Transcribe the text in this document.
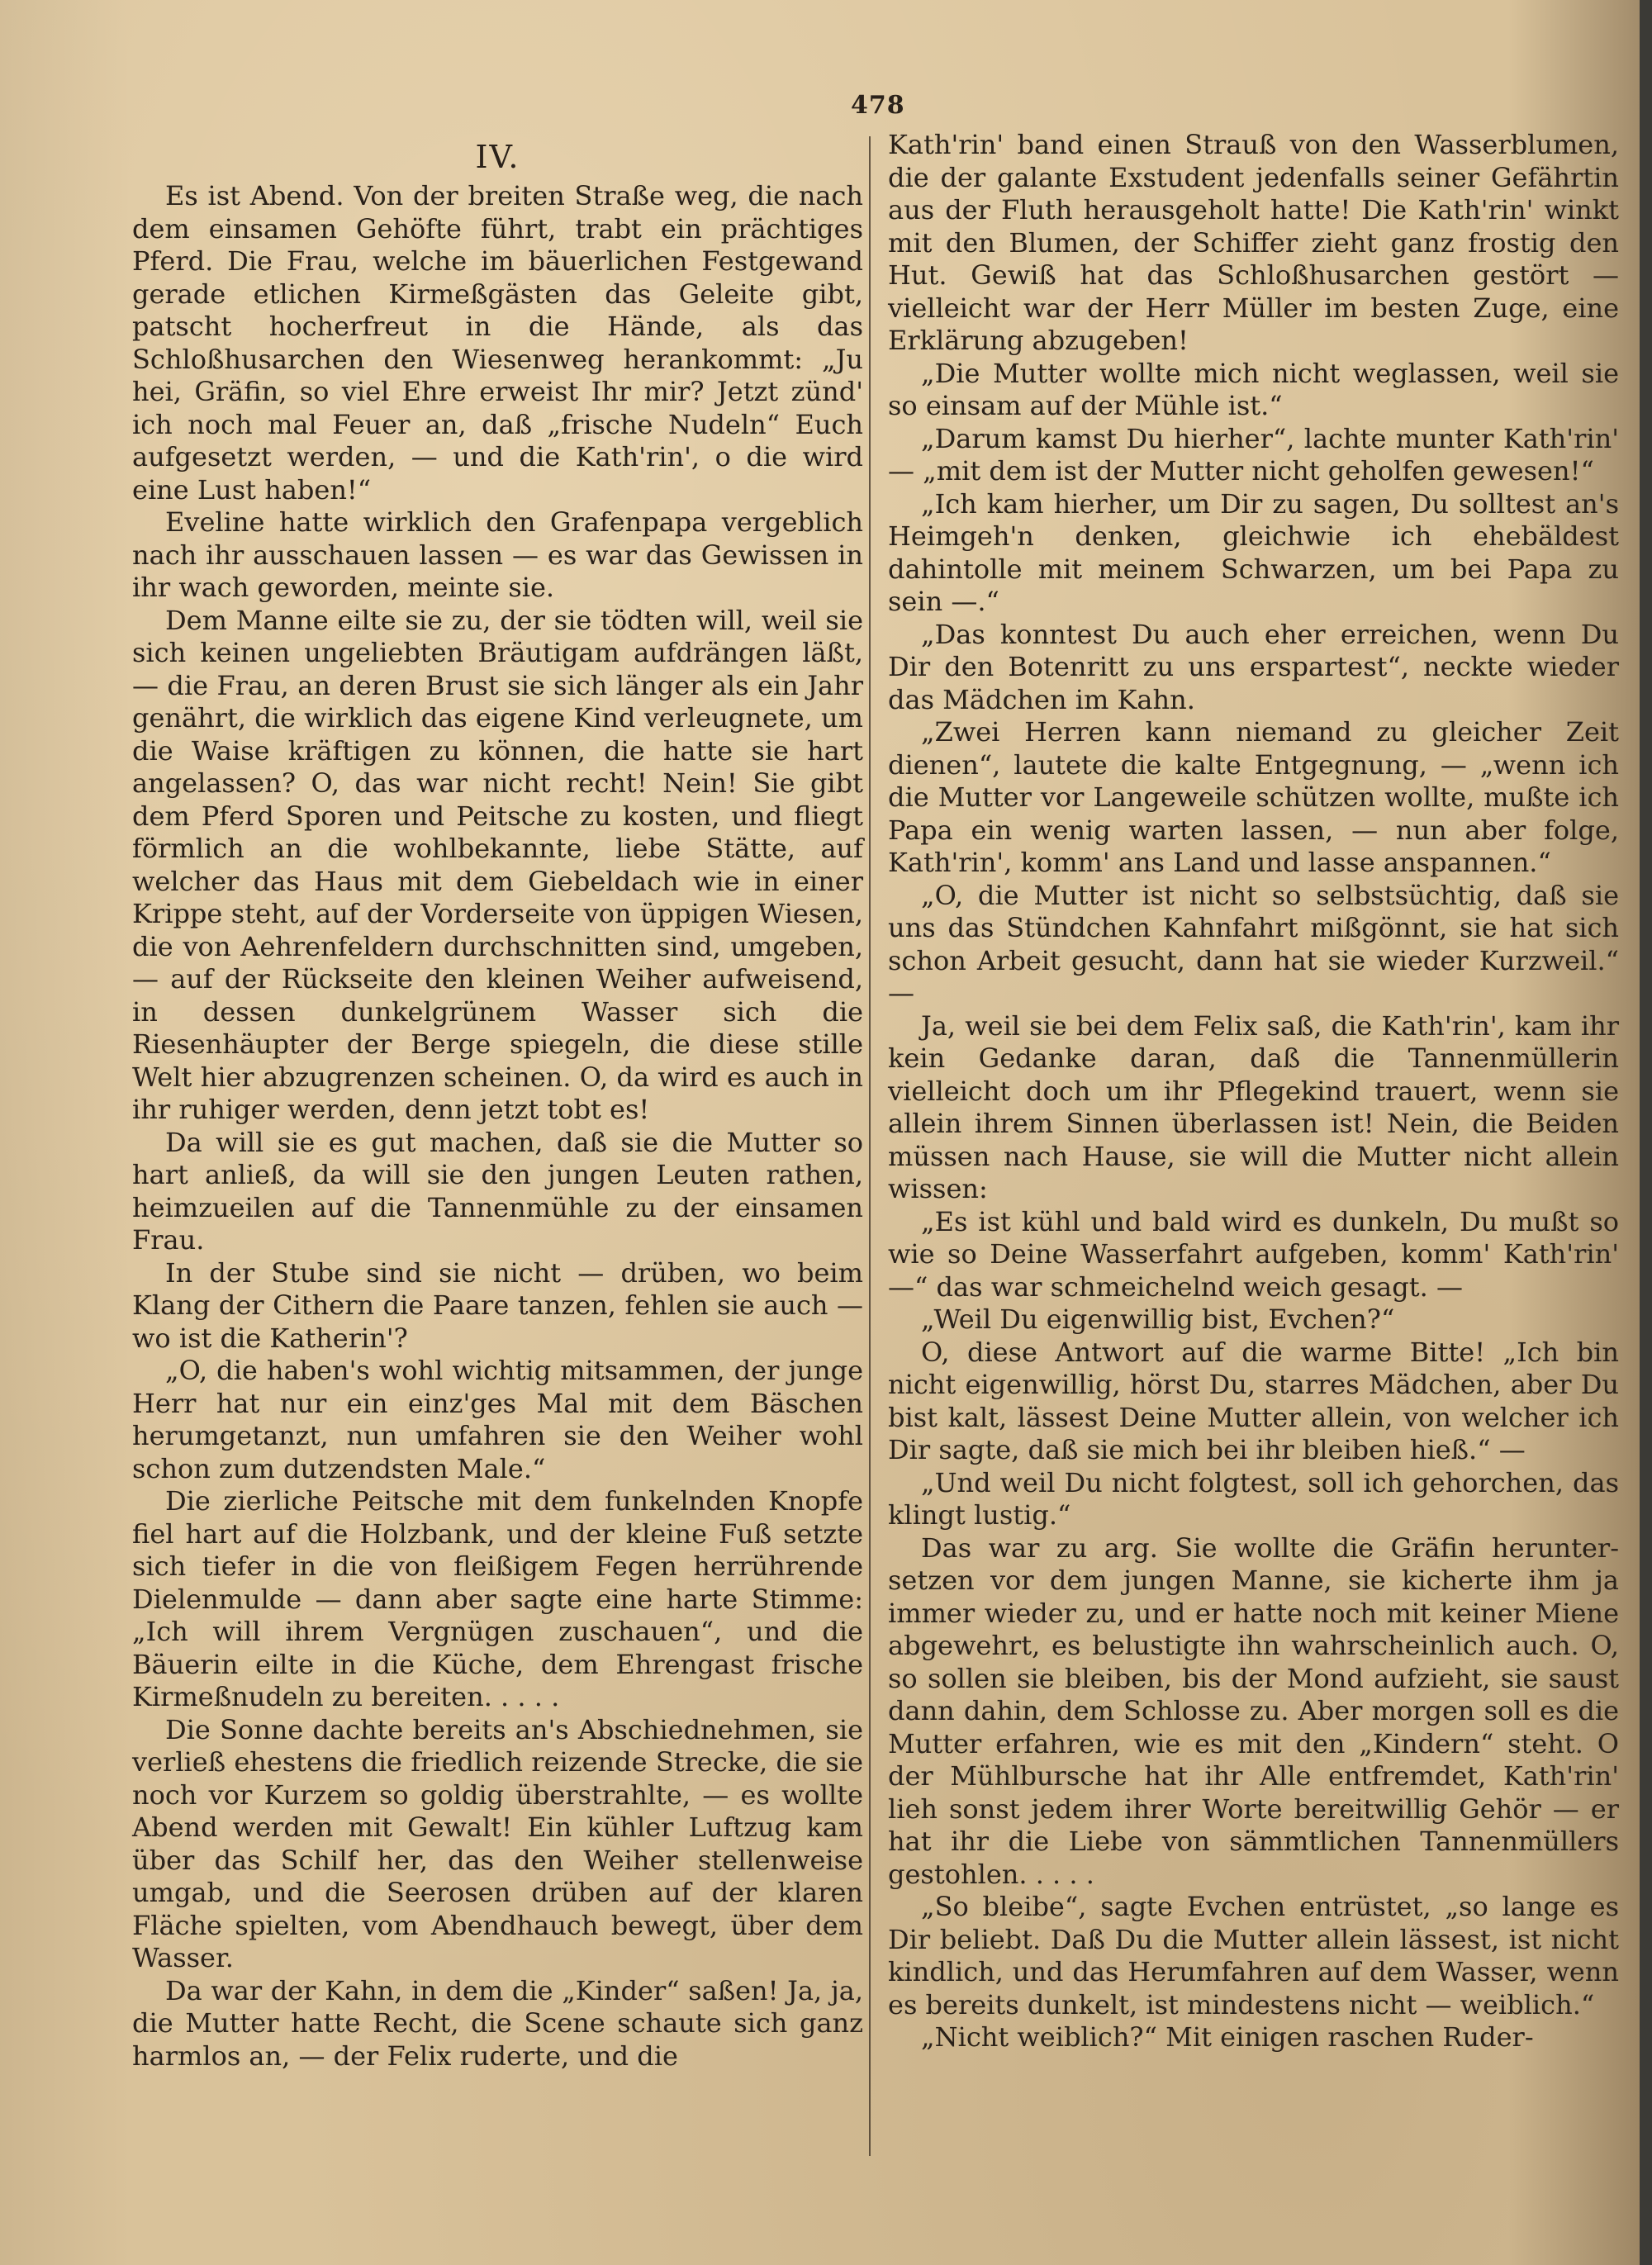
478
IV.

Es ist Abend. Von der breiten Straße weg, die nach dem einsamen Gehöfte führt, trabt ein prächtiges Pferd. Die Frau, welche im bäuerlichen Festgewand gerade etlichen Kirmeßgästen das Geleite gibt, patscht hocherfreut in die Hände, als das Schloßhusarchen den Wiesenweg herankommt: „Ju hei, Gräfin, so viel Ehre erweist Ihr mir? Jetzt zünd' ich noch mal Feuer an, daß „frische Nudeln“ Euch aufgesetzt werden, — und die Kath'rin', o die wird eine Lust haben!“

Eveline hatte wirklich den Grafenpapa vergeblich nach ihr ausschauen lassen — es war das Gewissen in ihr wach geworden, meinte sie.

Dem Manne eilte sie zu, der sie tödten will, weil sie sich keinen ungeliebten Bräutigam aufdrängen läßt, — die Frau, an deren Brust sie sich länger als ein Jahr genährt, die wirklich das eigene Kind verleugnete, um die Waise kräftigen zu können, die hatte sie hart angelassen? O, das war nicht recht! Nein! Sie gibt dem Pferd Sporen und Peitsche zu kosten, und fliegt förmlich an die wohlbekannte, liebe Stätte, auf welcher das Haus mit dem Giebeldach wie in einer Krippe steht, auf der Vorderseite von üppigen Wiesen, die von Aehrenfeldern durchschnitten sind, umgeben, — auf der Rückseite den kleinen Weiher aufweisend, in dessen dunkelgrünem Wasser sich die Riesenhäupter der Berge spiegeln, die diese stille Welt hier abzugrenzen scheinen. O, da wird es auch in ihr ruhiger werden, denn jetzt tobt es!

Da will sie es gut machen, daß sie die Mutter so hart anließ, da will sie den jungen Leuten rathen, heimzueilen auf die Tannenmühle zu der einsamen Frau.

In der Stube sind sie nicht — drüben, wo beim Klang der Cithern die Paare tanzen, fehlen sie auch — wo ist die Katherin'?

„O, die haben's wohl wichtig mitsammen, der junge Herr hat nur ein einz'ges Mal mit dem Bäschen herumgetanzt, nun umfahren sie den Weiher wohl schon zum dutzendsten Male.“

Die zierliche Peitsche mit dem funkelnden Knopfe fiel hart auf die Holzbank, und der kleine Fuß setzte sich tiefer in die von fleißigem Fegen herrührende Dielenmulde — dann aber sagte eine harte Stimme: „Ich will ihrem Vergnügen zuschauen“, und die Bäuerin eilte in die Küche, dem Ehrengast frische Kirmeßnudeln zu bereiten. . . . .

Die Sonne dachte bereits an's Abschiednehmen, sie verließ ehestens die friedlich reizende Strecke, die sie noch vor Kurzem so goldig überstrahlte, — es wollte Abend werden mit Gewalt! Ein kühler Luftzug kam über das Schilf her, das den Weiher stellenweise umgab, und die Seerosen drüben auf der klaren Fläche spielten, vom Abendhauch bewegt, über dem Wasser.

Da war der Kahn, in dem die „Kinder“ saßen! Ja, ja, die Mutter hatte Recht, die Scene schaute sich ganz harmlos an, — der Felix ruderte, und die

Kath'rin' band einen Strauß von den Wasserblumen, die der galante Exstudent jedenfalls seiner Gefährtin aus der Fluth herausgeholt hatte! Die Kath'rin' winkt mit den Blumen, der Schiffer zieht ganz frostig den Hut. Gewiß hat das Schloßhusarchen gestört — vielleicht war der Herr Müller im besten Zuge, eine Erklärung abzugeben!

„Die Mutter wollte mich nicht weglassen, weil sie so einsam auf der Mühle ist.“

„Darum kamst Du hierher“, lachte munter Kath'rin' — „mit dem ist der Mutter nicht geholfen gewesen!“

„Ich kam hierher, um Dir zu sagen, Du solltest an's Heimgeh'n denken, gleichwie ich ehebäldest dahintolle mit meinem Schwarzen, um bei Papa zu sein —.“

„Das konntest Du auch eher erreichen, wenn Du Dir den Botenritt zu uns erspartest“, neckte wieder das Mädchen im Kahn.

„Zwei Herren kann niemand zu gleicher Zeit dienen“, lautete die kalte Entgegnung, — „wenn ich die Mutter vor Langeweile schützen wollte, mußte ich Papa ein wenig warten lassen, — nun aber folge, Kath'rin', komm' ans Land und lasse anspannen.“

„O, die Mutter ist nicht so selbstsüchtig, daß sie uns das Stündchen Kahnfahrt mißgönnt, sie hat sich schon Arbeit gesucht, dann hat sie wieder Kurzweil.“ —

Ja, weil sie bei dem Felix saß, die Kath'rin', kam ihr kein Gedanke daran, daß die Tannenmüllerin vielleicht doch um ihr Pflegekind trauert, wenn sie allein ihrem Sinnen überlassen ist! Nein, die Beiden müssen nach Hause, sie will die Mutter nicht allein wissen:

„Es ist kühl und bald wird es dunkeln, Du mußt so wie so Deine Wasserfahrt aufgeben, komm' Kath'rin' —“ das war schmeichelnd weich gesagt. —

„Weil Du eigenwillig bist, Evchen?“

O, diese Antwort auf die warme Bitte! „Ich bin nicht eigenwillig, hörst Du, starres Mädchen, aber Du bist kalt, lässest Deine Mutter allein, von welcher ich Dir sagte, daß sie mich bei ihr bleiben hieß.“ —

„Und weil Du nicht folgtest, soll ich gehorchen, das klingt lustig.“

Das war zu arg. Sie wollte die Gräfin heruntersetzen vor dem jungen Manne, sie kicherte ihm ja immer wieder zu, und er hatte noch mit keiner Miene abgewehrt, es belustigte ihn wahrscheinlich auch. O, so sollen sie bleiben, bis der Mond aufzieht, sie saust dann dahin, dem Schlosse zu. Aber morgen soll es die Mutter erfahren, wie es mit den „Kindern“ steht. O der Mühlbursche hat ihr Alle entfremdet, Kath'rin' lieh sonst jedem ihrer Worte bereitwillig Gehör — er hat ihr die Liebe von sämmtlichen Tannenmüllers gestohlen. . . . .

„So bleibe“, sagte Evchen entrüstet, „so lange es Dir beliebt. Daß Du die Mutter allein lässest, ist nicht kindlich, und das Herumfahren auf dem Wasser, wenn es bereits dunkelt, ist mindestens nicht — weiblich.“

„Nicht weiblich?“ Mit einigen raschen Ruder-
